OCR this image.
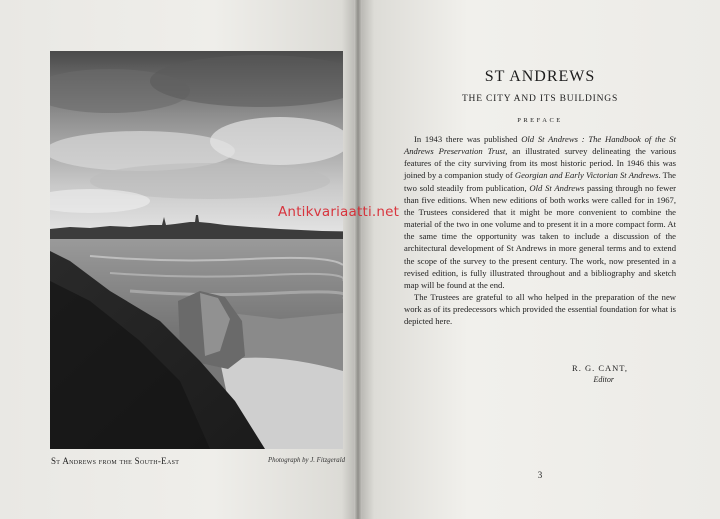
St Andrews from the South-East	Photograph by J. Fitzgerald
ST ANDREWS
THE CITY AND ITS BUILDINGS
PREFACE

In 1943 there was published Old St Andrews : The Handbook of the St Andrews Preservation Trust, an illustrated survey delineating the various features of the city surviving from its most historic period. In 1946 this was joined by a companion study of Georgian and Early Victorian St Andrews. The two sold steadily from publication, Old St Andrews passing through no fewer than five editions. When new editions of both works were called for in 1967, the Trustees considered that it might be more convenient to combine the material of the two in one volume and to present it in a more compact form. At the same time the opportunity was taken to include a discussion of the architectural development of St Andrews in more general terms and to extend the scope of the survey to the present century. The work, now presented in a revised edition, is fully illustrated throughout and a bibliography and sketch map will be found at the end.

The Trustees are grateful to all who helped in the preparation of the new work as of its predecessors which provided the essential foundation for what is depicted here.

R. G. CANT,
Editor
3
Antikvariaatti.net
